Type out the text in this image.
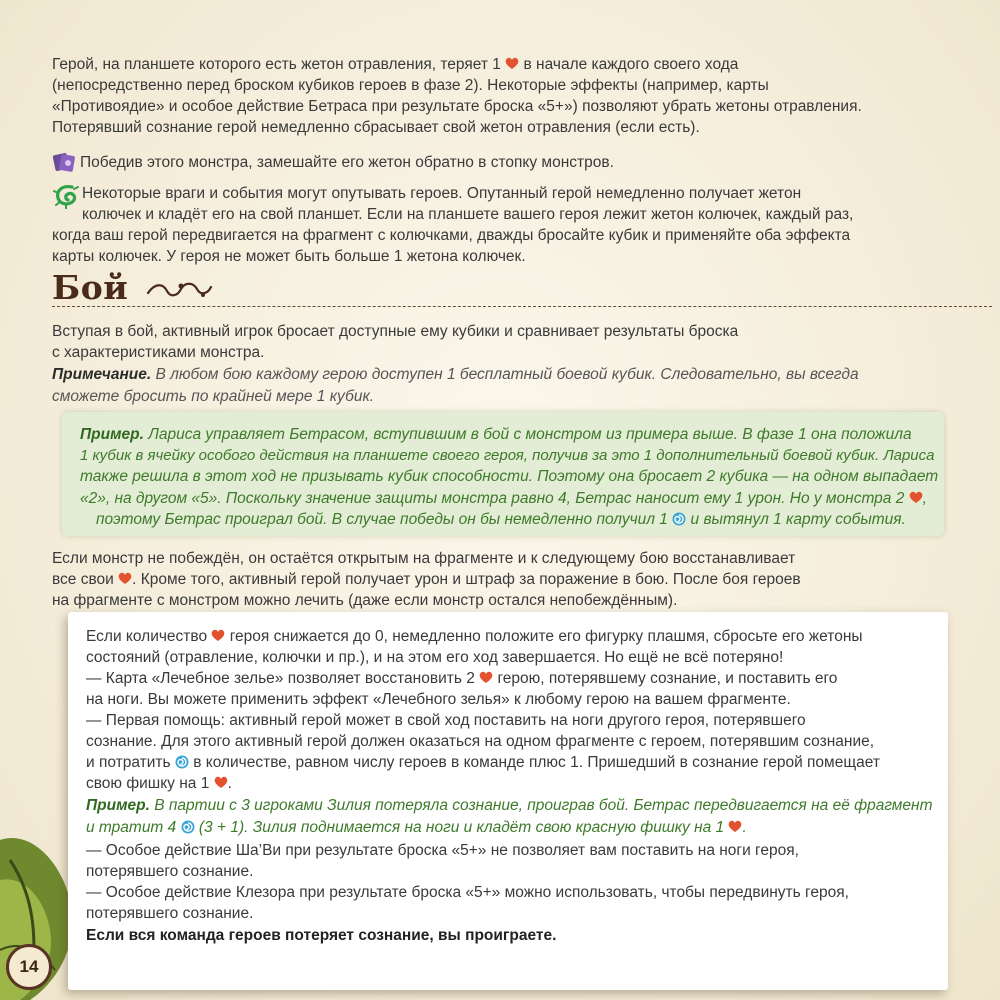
Герой, на планшете которого есть жетон отравления, теряет 1  в начале каждого своего хода
(непосредственно перед броском кубиков героев в фазе 2). Некоторые эффекты (например, карты
«Противоядие» и особое действие Бетраса при результате броска «5+») позволяют убрать жетоны отравления.
Потерявший сознание герой немедленно сбрасывает свой жетон отравления (если есть).
Победив этого монстра, замешайте его жетон обратно в стопку монстров.
Некоторые враги и события могут опутывать героев. Опутанный герой немедленно получает жетон
колючек и кладёт его на свой планшет. Если на планшете вашего героя лежит жетон колючек, каждый раз,
когда ваш герой передвигается на фрагмент с колючками, дважды бросайте кубик и применяйте оба эффекта
карты колючек. У героя не может быть больше 1 жетона колючек.
Бой
Вступая в бой, активный игрок бросает доступные ему кубики и сравнивает результаты броска
с характеристиками монстра.
Примечание. В любом бою каждому герою доступен 1 бесплатный боевой кубик. Следовательно, вы всегда
сможете бросить по крайней мере 1 кубик.
Пример. Лариса управляет Бетрасом, вступившим в бой с монстром из примера выше. В фазе 1 она положила
1 кубик в ячейку особого действия на планшете своего героя, получив за это 1 дополнительный боевой кубик. Лариса
также решила в этот ход не призывать кубик способности. Поэтому она бросает 2 кубика — на одном выпадает
«2», на другом «5». Поскольку значение защиты монстра равно 4, Бетрас наносит ему 1 урон. Но у монстра 2 ,
поэтому Бетрас проиграл бой. В случае победы он бы немедленно получил 1  и вытянул 1 карту события.
Если монстр не побеждён, он остаётся открытым на фрагменте и к следующему бою восстанавливает
все свои . Кроме того, активный герой получает урон и штраф за поражение в бою. После боя героев
на фрагменте с монстром можно лечить (даже если монстр остался непобеждённым).
Если количество  героя снижается до 0, немедленно положите его фигурку плашмя, сбросьте его жетоны
состояний (отравление, колючки и пр.), и на этом его ход завершается. Но ещё не всё потеряно!
— Карта «Лечебное зелье» позволяет восстановить 2  герою, потерявшему сознание, и поставить его
на ноги. Вы можете применить эффект «Лечебного зелья» к любому герою на вашем фрагменте.
— Первая помощь: активный герой может в свой ход поставить на ноги другого героя, потерявшего
сознание. Для этого активный герой должен оказаться на одном фрагменте с героем, потерявшим сознание,
и потратить  в количестве, равном числу героев в команде плюс 1. Пришедший в сознание герой помещает
свою фишку на 1 .
Пример. В партии с 3 игроками Зилия потеряла сознание, проиграв бой. Бетрас передвигается на её фрагмент
и тратит 4  (3 + 1). Зилия поднимается на ноги и кладёт свою красную фишку на 1 .
— Особое действие Ша’Ви при результате броска «5+» не позволяет вам поставить на ноги героя,
потерявшего сознание.
— Особое действие Клезора при результате броска «5+» можно использовать, чтобы передвинуть героя,
потерявшего сознание.
Если вся команда героев потеряет сознание, вы проиграете.
14
